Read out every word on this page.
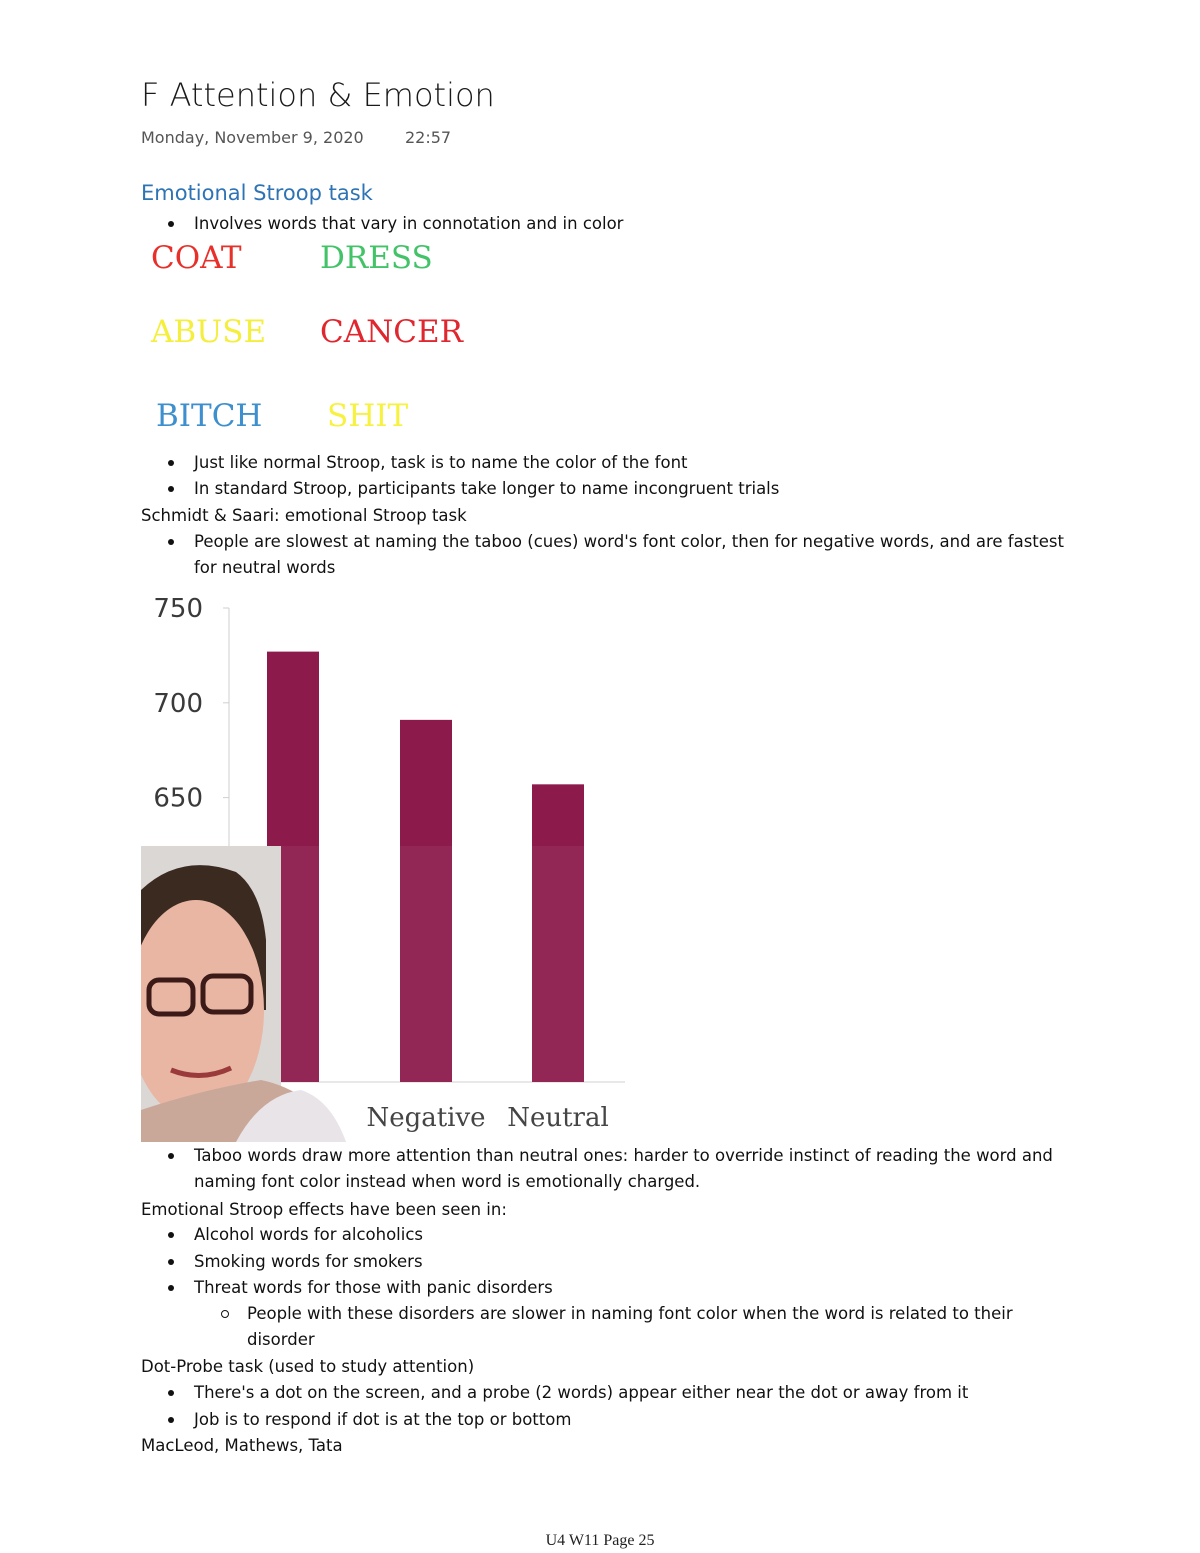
F Attention & Emotion
Monday, November 9, 2020	22:57
Emotional Stroop task
Involves words that vary in connotation and in color
COAT	DRESS
ABUSE CANCER
BITCH SHIT
Just like normal Stroop, task is to name the color of the font
In standard Stroop, participants take longer to name incongruent trials
Schmidt & Saari: emotional Stroop task
People are slowest at naming the taboo (cues) word's font color, then for negative words, and are fastest for neutral words
750
700
650
Negative Neutral
Taboo words draw more attention than neutral ones: harder to override instinct of reading the word and naming font color instead when word is emotionally charged.
Emotional Stroop effects have been seen in:
Alcohol words for alcoholics
Smoking words for smokers
Threat words for those with panic disorders
People with these disorders are slower in naming font color when the word is related to their disorder
Dot-Probe task (used to study attention)
There's a dot on the screen, and a probe (2 words) appear either near the dot or away from it
Job is to respond if dot is at the top or bottom
MacLeod, Mathews, Tata
U4 W11 Page 25
